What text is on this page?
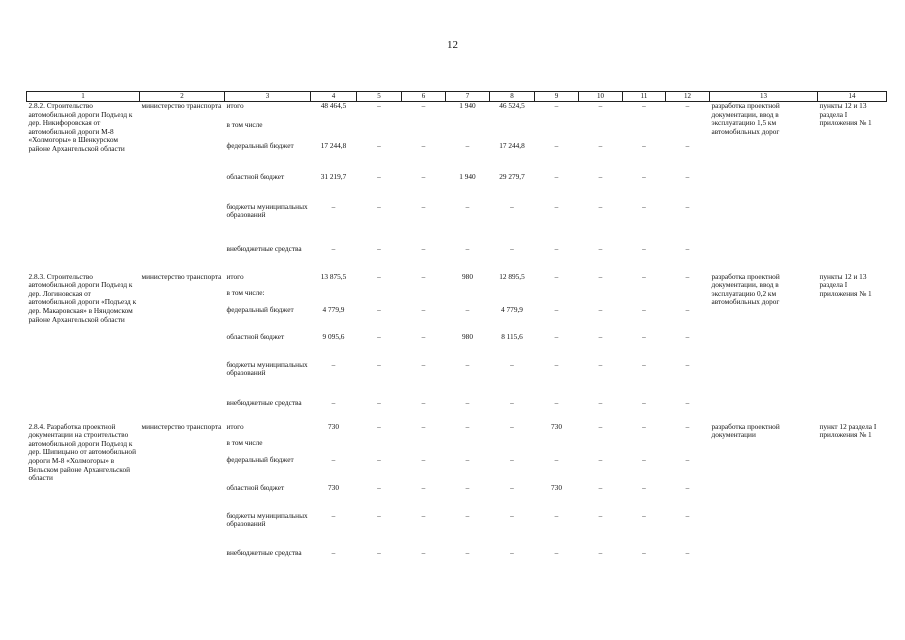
12
1	2	3	4	5	6	7	8	9	10	11	12	13	14
2.8.2. Строительство автомобильной дороги Подъезд к дер. Никифоровская от автомобильной дороги М-8 «Холмогоры» в Шенкурском районе Архангельской области	министерство транспорта	итого	48 464,5	–	–	1 940	46 524,5	–	–	–	–	разработка проектной документации, ввод в эксплуатацию 1,5 км автомобильных дорог	пункты 12 и 13 раздела I приложения № 1
		в том числе											
		федеральный бюджет	17 244,8	–	–	–	17 244,8	–	–	–	–		
		областной бюджет	31 219,7	–	–	1 940	29 279,7	–	–	–	–		
		бюджеты муниципальных образований	–	–	–	–	–	–	–	–	–		
		внебюджетные средства	–	–	–	–	–	–	–	–	–		
2.8.3. Строительство автомобильной дороги Подъезд к дер. Логиновская от автомобильной дороги «Подъезд к дер. Макаровская» в Няндомском районе Архангельской области	министерство транспорта	итого	13 875,5	–	–	980	12 895,5	–	–	–	–	разработка проектной документации, ввод в эксплуатацию 0,2 км автомобильных дорог	пункты 12 и 13 раздела I приложения № 1
		в том числе:											
		федеральный бюджет	4 779,9	–	–	–	4 779,9	–	–	–	–		
		областной бюджет	9 095,6	–	–	980	8 115,6	–	–	–	–		
		бюджеты муниципальных образований	–	–	–	–	–	–	–	–	–		
		внебюджетные средства	–	–	–	–	–	–	–	–	–		
2.8.4. Разработка проектной документации на строительство автомобильной дороги Подъезд к дер. Шипицыно от автомобильной дороги М-8 «Холмогоры» в Вельском районе Архангельской области	министерство транспорта	итого	730	–	–	–	–	730	–	–	–	разработка проектной документации	пункт 12 раздела I приложения № 1
		в том числе											
		федеральный бюджет	–	–	–	–	–	–	–	–	–		
		областной бюджет	730	–	–	–	–	730	–	–	–		
		бюджеты муниципальных образований	–	–	–	–	–	–	–	–	–		
		внебюджетные средства	–	–	–	–	–	–	–	–	–		
